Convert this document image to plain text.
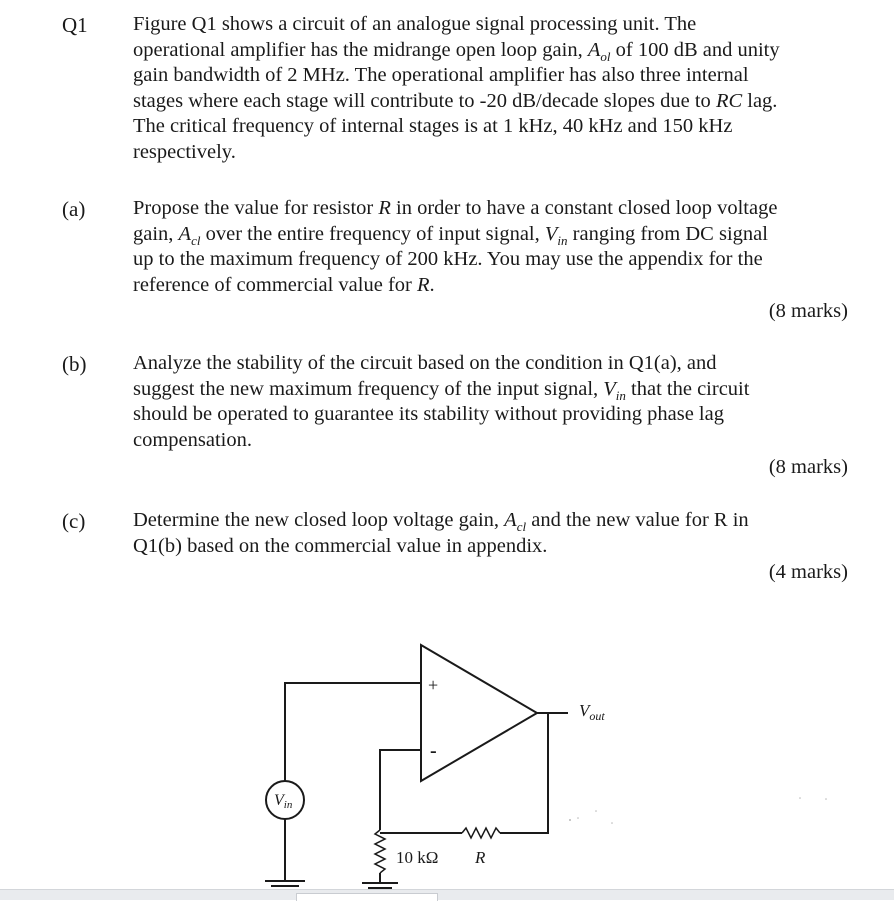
Q1 Figure Q1 shows a circuit of an analogue signal processing unit. The
operational amplifier has the midrange open loop gain, $A_{ol}$ of 100 dB and unity
gain bandwidth of 2 MHz. The operational amplifier has also three internal
stages where each stage will contribute to -20 dB/decade slopes due to RC lag.
The critical frequency of internal stages is at 1 kHz, 40 kHz and 150 kHz
respectively.
(a) Propose the value for resistor R in order to have a constant closed loop voltage
gain, $A_{cl}$ over the entire frequency of input signal, $V_{in}$ ranging from DC signal
up to the maximum frequency of 200 kHz. You may use the appendix for the
reference of commercial value for R.
(8 marks)
(b) Analyze the stability of the circuit based on the condition in Q1(a), and
suggest the new maximum frequency of the input signal, $V_{in}$ that the circuit
should be operated to guarantee its stability without providing phase lag
compensation.
(8 marks)
(c) Determine the new closed loop voltage gain, $A_{cl}$ and the new value for R in
Q1(b) based on the commercial value in appendix.
(4 marks)
+
-
$V_{out}$
Vin
R
10 kΩ
